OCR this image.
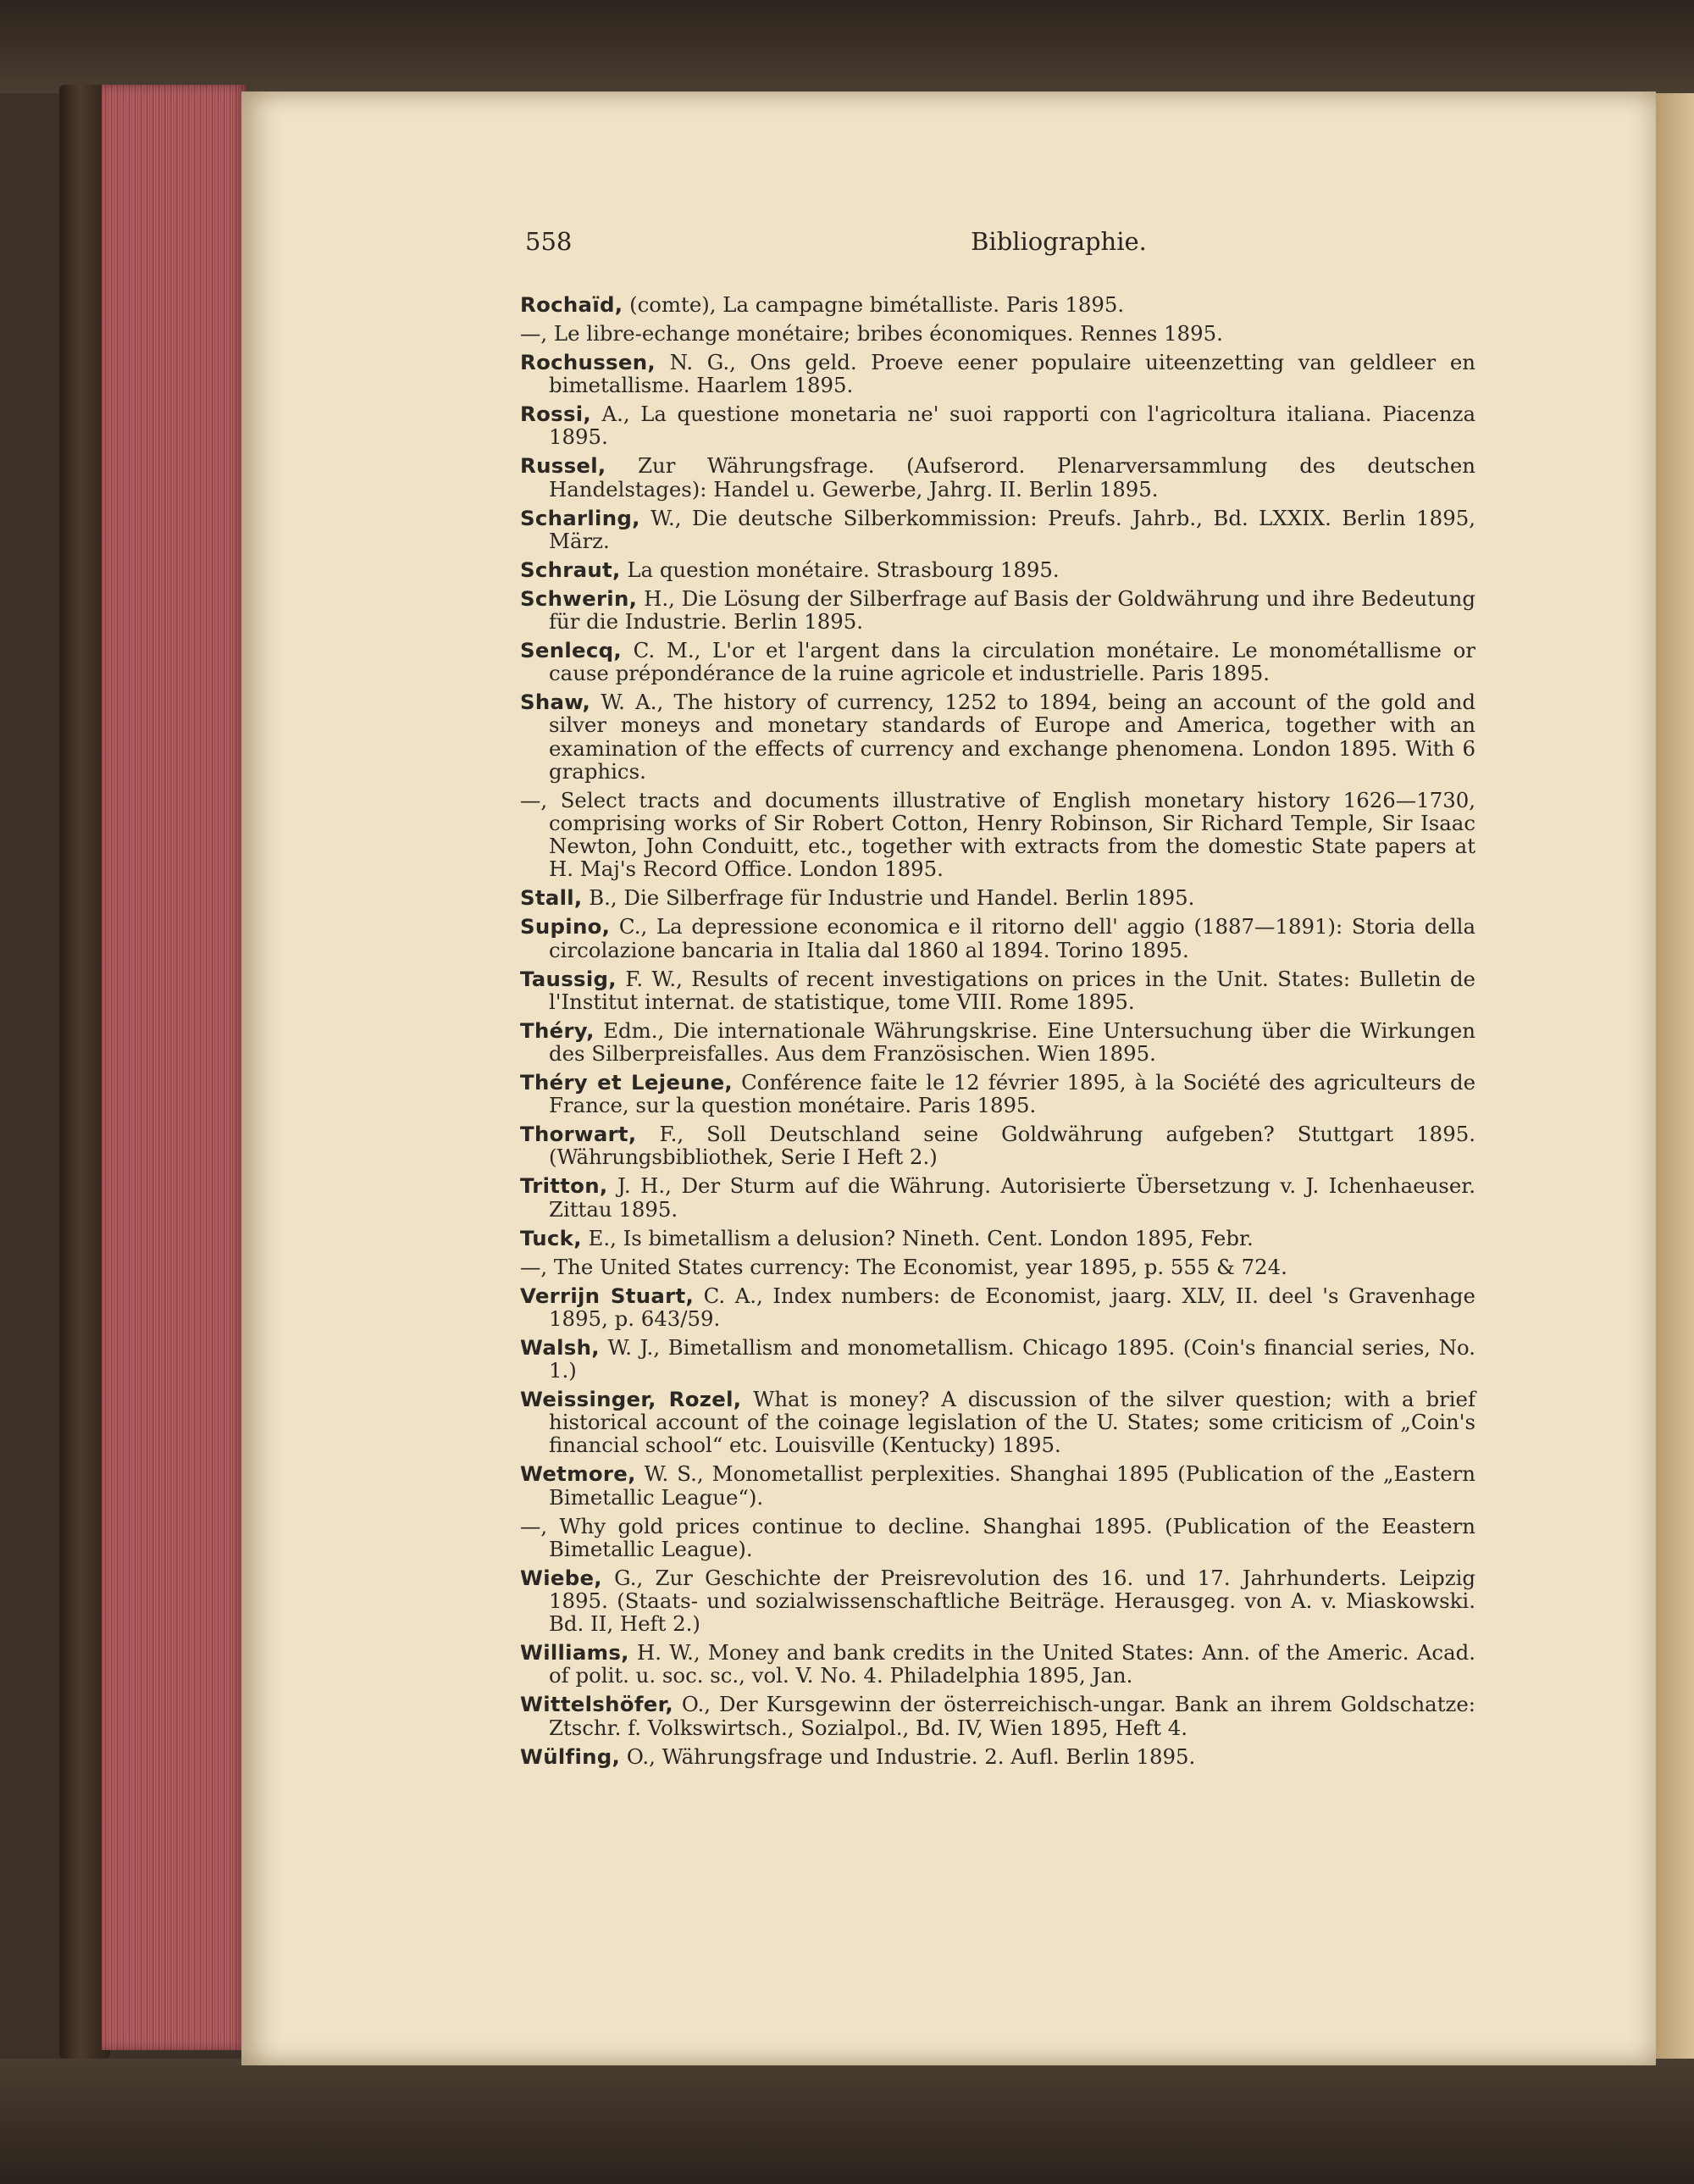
558	Bibliographie.
Rochaïd, (comte), La campagne bimétalliste. Paris 1895.
—, Le libre-echange monétaire; bribes économiques. Rennes 1895.
Rochussen, N. G., Ons geld. Proeve eener populaire uiteenzetting van geldleer en bimetallisme. Haarlem 1895.
Rossi, A., La questione monetaria ne' suoi rapporti con l'agricoltura italiana. Piacenza 1895.
Russel, Zur Währungsfrage. (Aufserord. Plenarversammlung des deutschen Handelstages): Handel u. Gewerbe, Jahrg. II. Berlin 1895.
Scharling, W., Die deutsche Silberkommission: Preufs. Jahrb., Bd. LXXIX. Berlin 1895, März.
Schraut, La question monétaire. Strasbourg 1895.
Schwerin, H., Die Lösung der Silberfrage auf Basis der Goldwährung und ihre Bedeutung für die Industrie. Berlin 1895.
Senlecq, C. M., L'or et l'argent dans la circulation monétaire. Le monométallisme or cause prépondérance de la ruine agricole et industrielle. Paris 1895.
Shaw, W. A., The history of currency, 1252 to 1894, being an account of the gold and silver moneys and monetary standards of Europe and America, together with an examination of the effects of currency and exchange phenomena. London 1895. With 6 graphics.
—, Select tracts and documents illustrative of English monetary history 1626—1730, comprising works of Sir Robert Cotton, Henry Robinson, Sir Richard Temple, Sir Isaac Newton, John Conduitt, etc., together with extracts from the domestic State papers at H. Maj's Record Office. London 1895.
Stall, B., Die Silberfrage für Industrie und Handel. Berlin 1895.
Supino, C., La depressione economica e il ritorno dell' aggio (1887—1891): Storia della circolazione bancaria in Italia dal 1860 al 1894. Torino 1895.
Taussig, F. W., Results of recent investigations on prices in the Unit. States: Bulletin de l'Institut internat. de statistique, tome VIII. Rome 1895.
Théry, Edm., Die internationale Währungskrise. Eine Untersuchung über die Wirkungen des Silberpreisfalles. Aus dem Französischen. Wien 1895.
Théry et Lejeune, Conférence faite le 12 février 1895, à la Société des agriculteurs de France, sur la question monétaire. Paris 1895.
Thorwart, F., Soll Deutschland seine Goldwährung aufgeben? Stuttgart 1895. (Währungsbibliothek, Serie I Heft 2.)
Tritton, J. H., Der Sturm auf die Währung. Autorisierte Übersetzung v. J. Ichenhaeuser. Zittau 1895.
Tuck, E., Is bimetallism a delusion? Nineth. Cent. London 1895, Febr.
—, The United States currency: The Economist, year 1895, p. 555 & 724.
Verrijn Stuart, C. A., Index numbers: de Economist, jaarg. XLV, II. deel 's Gravenhage 1895, p. 643/59.
Walsh, W. J., Bimetallism and monometallism. Chicago 1895. (Coin's financial series, No. 1.)
Weissinger, Rozel, What is money? A discussion of the silver question; with a brief historical account of the coinage legislation of the U. States; some criticism of „Coin's financial school“ etc. Louisville (Kentucky) 1895.
Wetmore, W. S., Monometallist perplexities. Shanghai 1895 (Publication of the „Eastern Bimetallic League“).
—, Why gold prices continue to decline. Shanghai 1895. (Publication of the Eeastern Bimetallic League).
Wiebe, G., Zur Geschichte der Preisrevolution des 16. und 17. Jahrhunderts. Leipzig 1895. (Staats- und sozialwissenschaftliche Beiträge. Herausgeg. von A. v. Miaskowski. Bd. II, Heft 2.)
Williams, H. W., Money and bank credits in the United States: Ann. of the Americ. Acad. of polit. u. soc. sc., vol. V. No. 4. Philadelphia 1895, Jan.
Wittelshöfer, O., Der Kursgewinn der österreichisch-ungar. Bank an ihrem Goldschatze: Ztschr. f. Volkswirtsch., Sozialpol., Bd. IV, Wien 1895, Heft 4.
Wülfing, O., Währungsfrage und Industrie. 2. Aufl. Berlin 1895.
